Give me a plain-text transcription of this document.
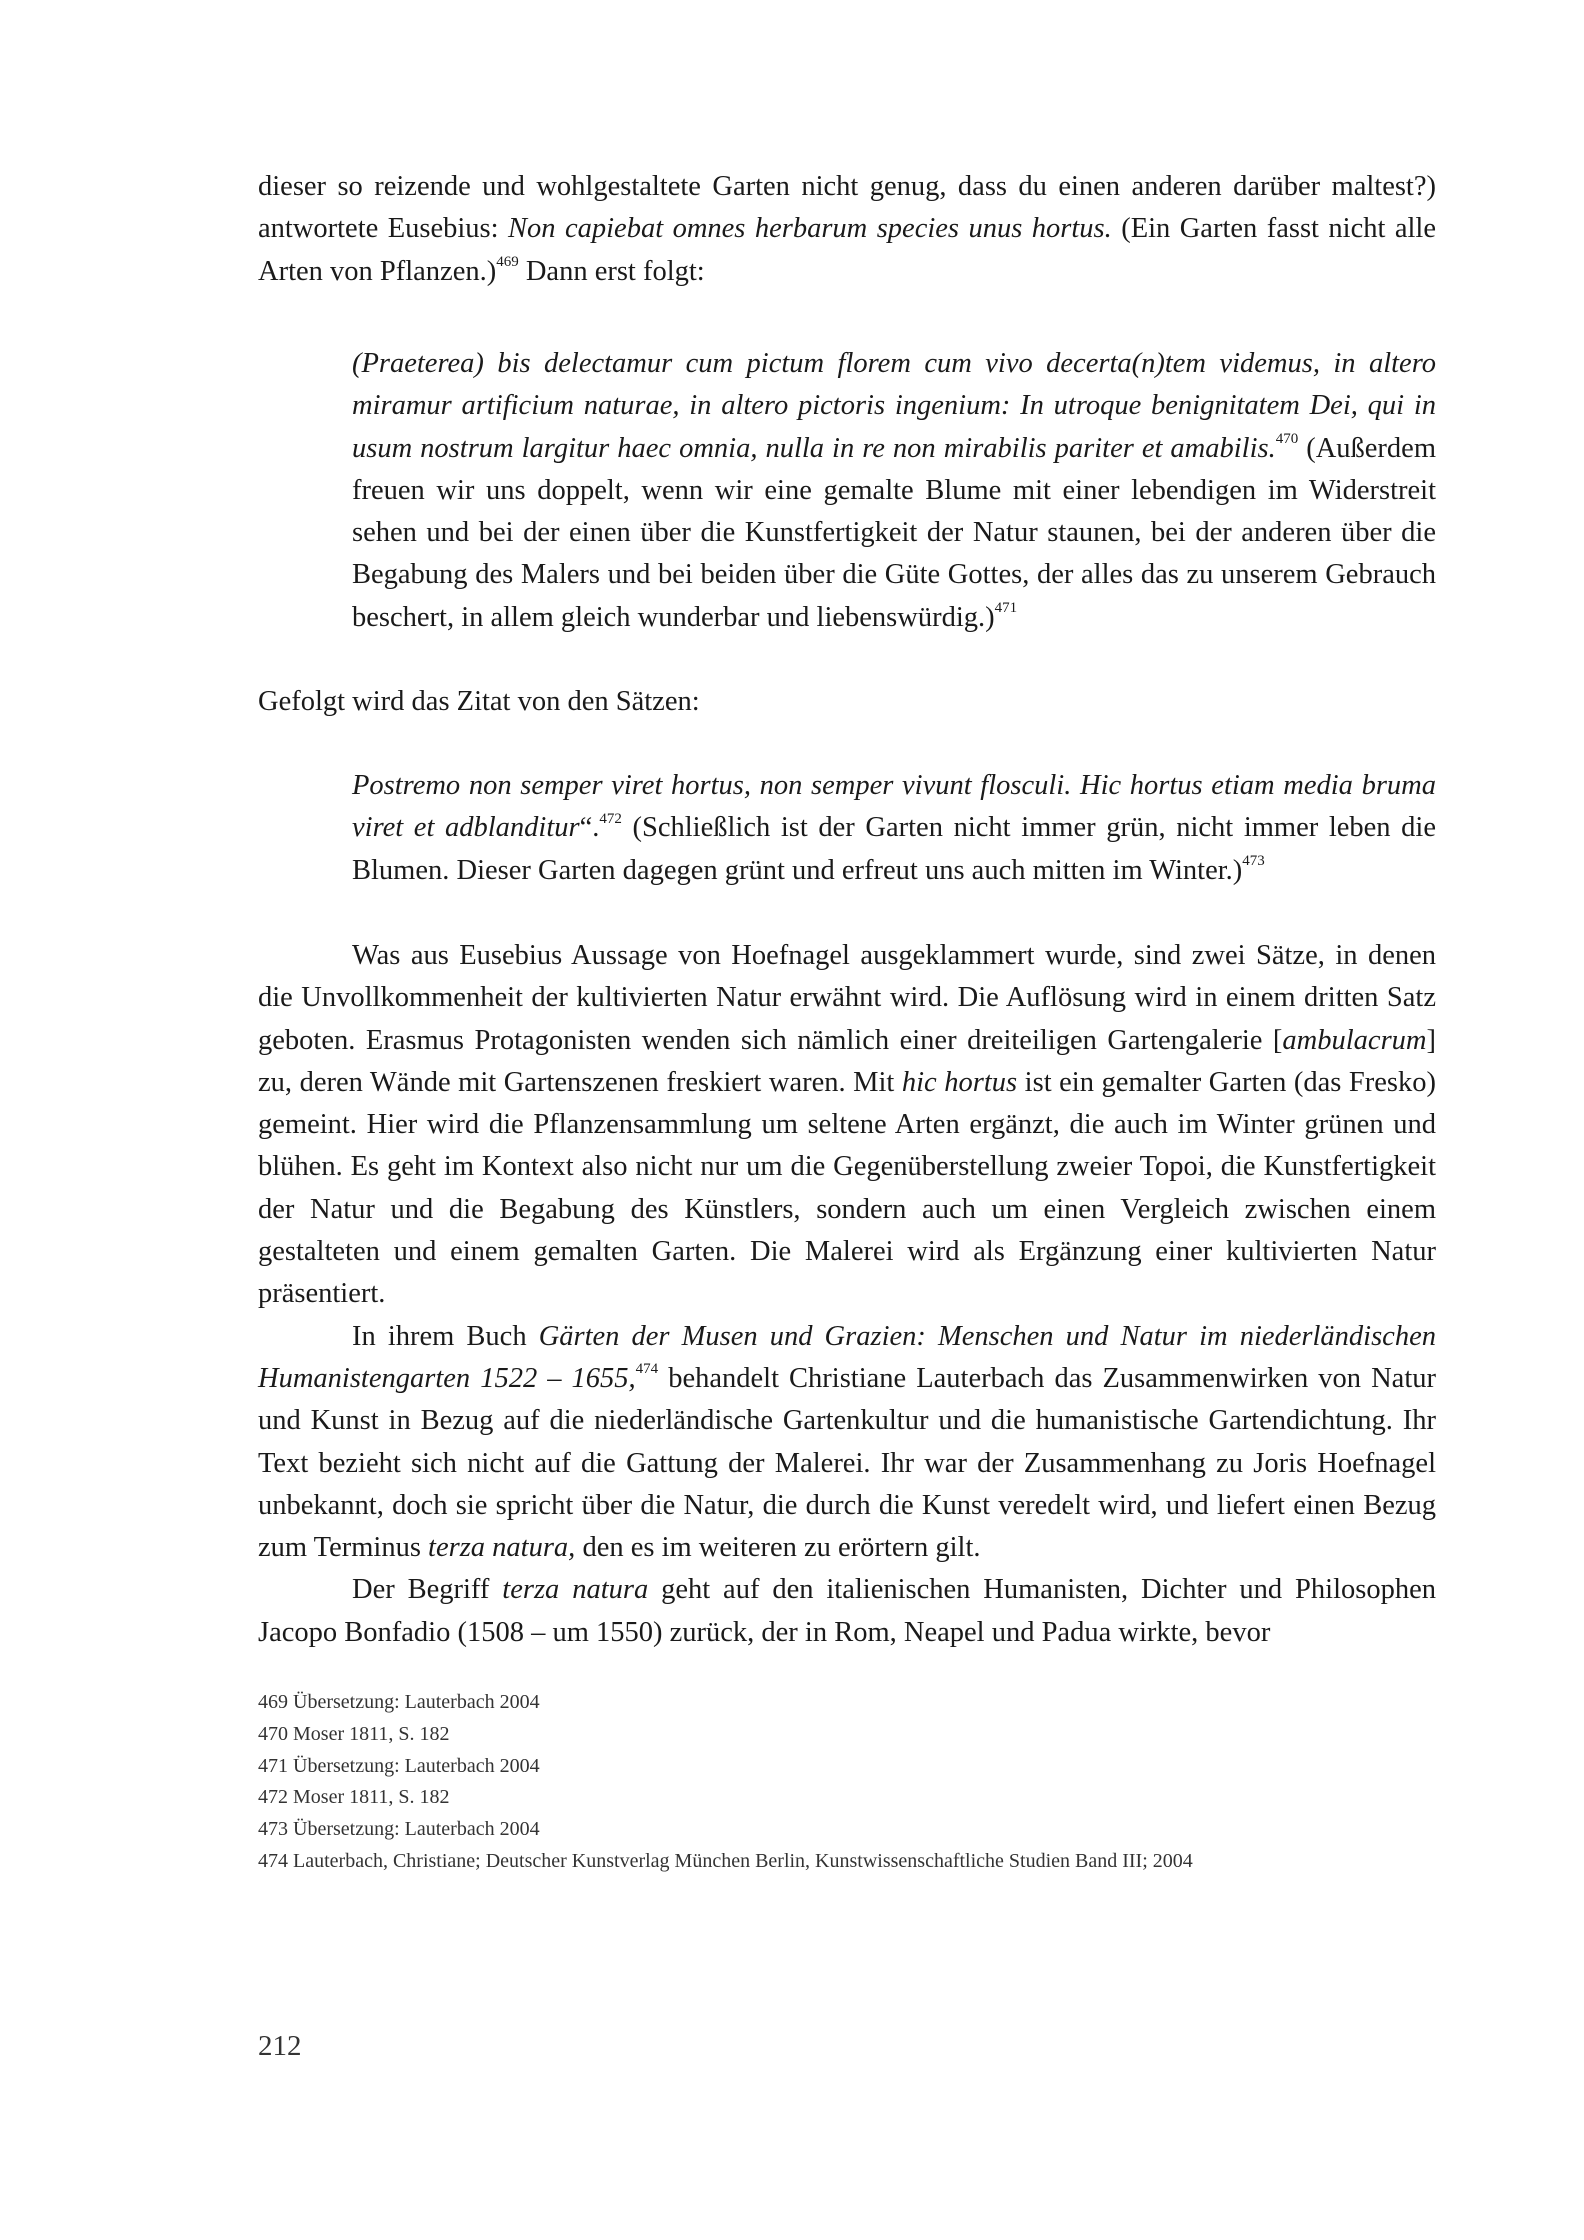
dieser so reizende und wohlgestaltete Garten nicht genug, dass du einen anderen darüber maltest?) antwortete Eusebius: Non capiebat omnes herbarum species unus hortus. (Ein Garten fasst nicht alle Arten von Pflanzen.)$^{469}$ Dann erst folgt:

(Praeterea) bis delectamur cum pictum florem cum vivo decerta(n)tem videmus, in altero miramur artificium naturae, in altero pictoris ingenium: In utroque benignitatem Dei, qui in usum nostrum largitur haec omnia, nulla in re non mirabilis pariter et amabilis.$^{470}$ (Außerdem freuen wir uns doppelt, wenn wir eine gemalte Blume mit einer lebendigen im Widerstreit sehen und bei der einen über die Kunstfertigkeit der Natur staunen, bei der anderen über die Begabung des Malers und bei beiden über die Güte Gottes, der alles das zu unserem Gebrauch beschert, in allem gleich wunderbar und liebenswürdig.)$^{471}$

Gefolgt wird das Zitat von den Sätzen:

Postremo non semper viret hortus, non semper vivunt flosculi. Hic hortus etiam media bruma viret et adblanditur“.$^{472}$ (Schließlich ist der Garten nicht immer grün, nicht immer leben die Blumen. Dieser Garten dagegen grünt und erfreut uns auch mitten im Winter.)$^{473}$

Was aus Eusebius Aussage von Hoefnagel ausgeklammert wurde, sind zwei Sätze, in denen die Unvollkommenheit der kultivierten Natur erwähnt wird. Die Auflösung wird in einem dritten Satz geboten. Erasmus Protagonisten wenden sich nämlich einer dreiteiligen Gartengalerie [ambulacrum] zu, deren Wände mit Gartenszenen freskiert waren. Mit hic hortus ist ein gemalter Garten (das Fresko) gemeint. Hier wird die Pflanzensammlung um seltene Arten ergänzt, die auch im Winter grünen und blühen. Es geht im Kontext also nicht nur um die Gegenüberstellung zweier Topoi, die Kunstfertigkeit der Natur und die Begabung des Künstlers, sondern auch um einen Vergleich zwischen einem gestalteten und einem gemalten Garten. Die Malerei wird als Ergänzung einer kultivierten Natur präsentiert.

In ihrem Buch Gärten der Musen und Grazien: Menschen und Natur im niederländischen Humanistengarten 1522 – 1655,$^{474}$ behandelt Christiane Lauterbach das Zusammenwirken von Natur und Kunst in Bezug auf die niederländische Gartenkultur und die humanistische Gartendichtung. Ihr Text bezieht sich nicht auf die Gattung der Malerei. Ihr war der Zusammenhang zu Joris Hoefnagel unbekannt, doch sie spricht über die Natur, die durch die Kunst veredelt wird, und liefert einen Bezug zum Terminus terza natura, den es im weiteren zu erörtern gilt.

Der Begriff terza natura geht auf den italienischen Humanisten, Dichter und Philosophen Jacopo Bonfadio (1508 – um 1550) zurück, der in Rom, Neapel und Padua wirkte, bevor

469 Übersetzung: Lauterbach 2004
470 Moser 1811, S. 182
471 Übersetzung: Lauterbach 2004
472 Moser 1811, S. 182
473 Übersetzung: Lauterbach 2004
474 Lauterbach, Christiane; Deutscher Kunstverlag München Berlin, Kunstwissenschaftliche Studien Band III; 2004
212
